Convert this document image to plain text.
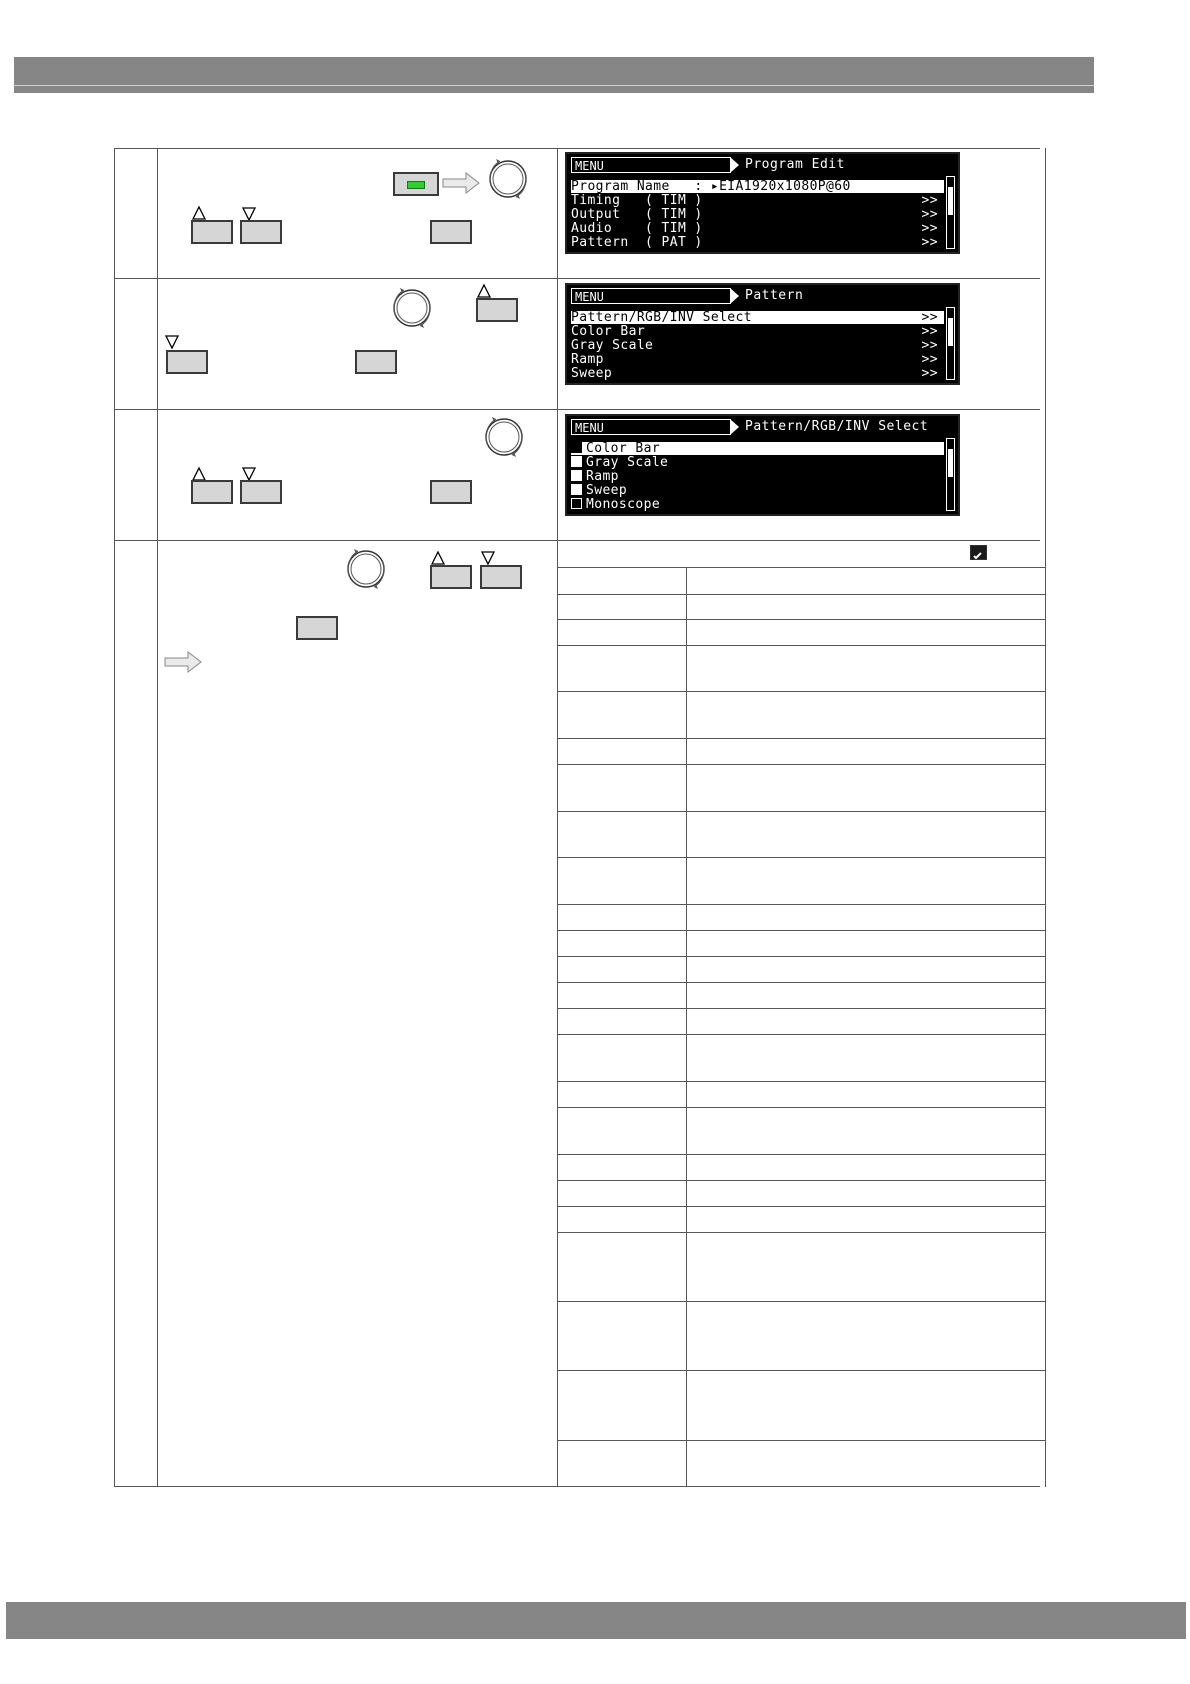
MENU	Program Edit
Program Name   : ▸EIA1920x1080P@60
Timing   ( TIM )	>>
Output   ( TIM )	>>
Audio    ( TIM )	>>
Pattern  ( PAT )	>>
MENU	Pattern
Pattern/RGB/INV Select	>>
Color Bar	>>
Gray Scale	>>
Ramp	>>
Sweep	>>
MENU	Pattern/RGB/INV Select
Color Bar
Gray Scale
Ramp
Sweep
Monoscope
